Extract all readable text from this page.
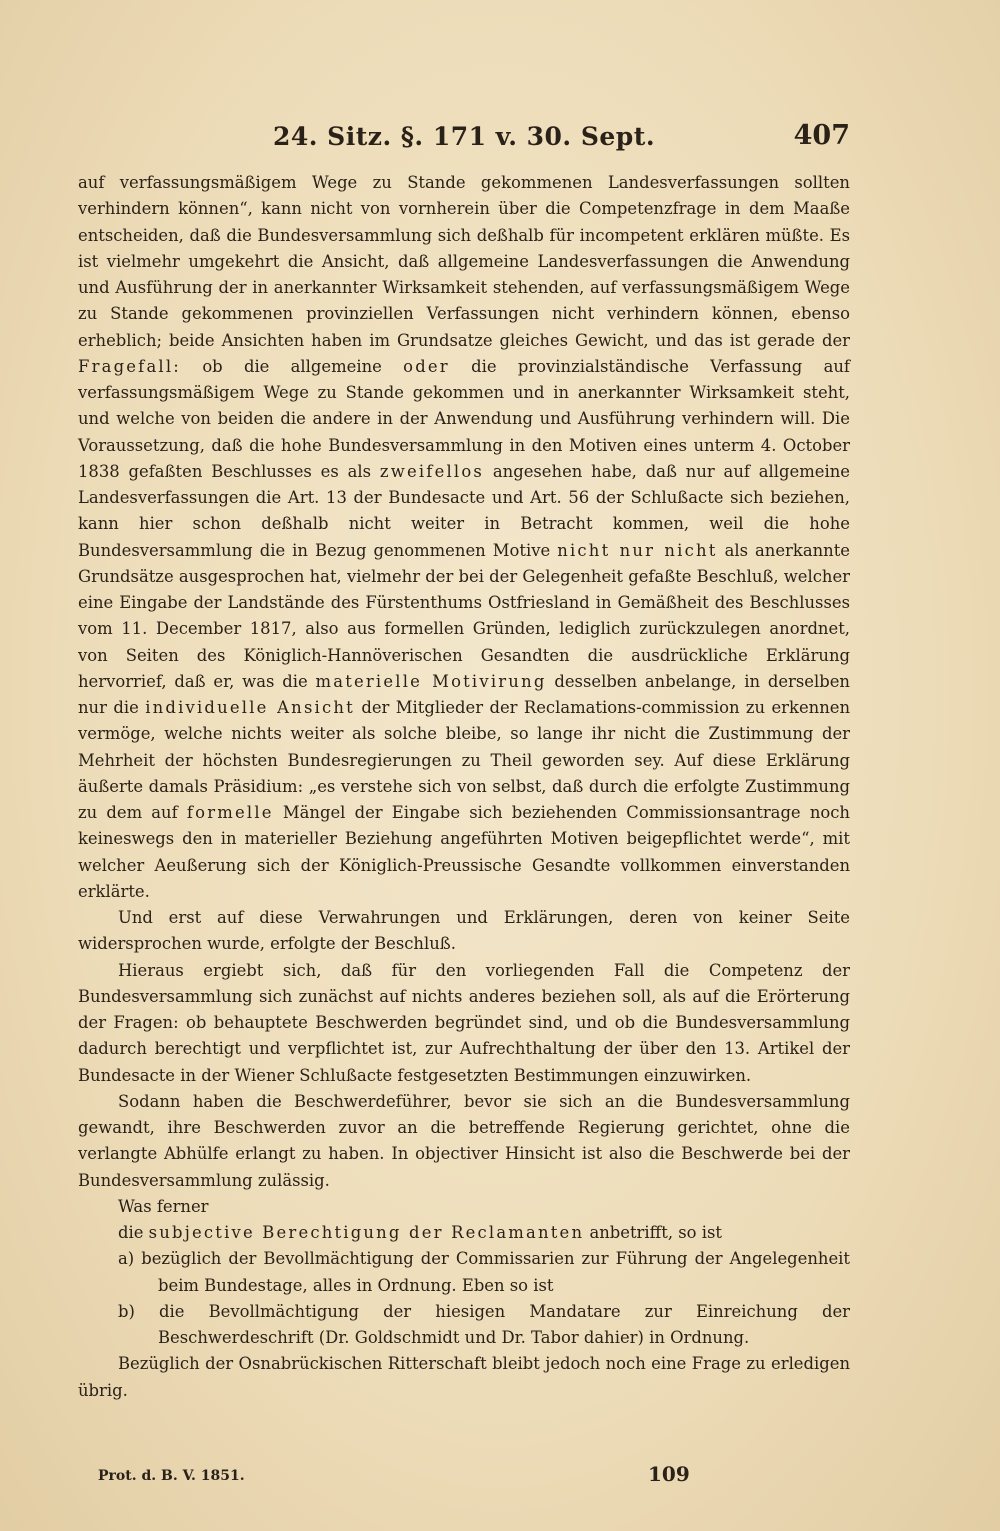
24. Sitz. §. 171 v. 30. Sept.	407

auf verfassungsmäßigem Wege zu Stande gekommenen Landesverfassungen sollten verhindern können“, kann nicht von vornherein über die Competenzfrage in dem Maaße entscheiden, daß die Bundesversammlung sich deßhalb für incompetent erklären müßte. Es ist vielmehr umgekehrt die Ansicht, daß allgemeine Landesverfassungen die Anwendung und Ausführung der in anerkannter Wirksamkeit stehenden, auf verfassungsmäßigem Wege zu Stande gekommenen provinziellen Verfassungen nicht verhindern können, ebenso erheblich; beide Ansichten haben im Grundsatze gleiches Gewicht, und das ist gerade der Fragefall: ob die allgemeine oder die provinzialständische Verfassung auf verfassungsmäßigem Wege zu Stande gekommen und in anerkannter Wirksamkeit steht, und welche von beiden die andere in der Anwendung und Ausführung verhindern will. Die Voraussetzung, daß die hohe Bundesversammlung in den Motiven eines unterm 4. October 1838 gefaßten Beschlusses es als zweifellos angesehen habe, daß nur auf allgemeine Landesverfassungen die Art. 13 der Bundesacte und Art. 56 der Schlußacte sich beziehen, kann hier schon deßhalb nicht weiter in Betracht kommen, weil die hohe Bundesversammlung die in Bezug genommenen Motive nicht nur nicht als anerkannte Grundsätze ausgesprochen hat, vielmehr der bei der Gelegenheit gefaßte Beschluß, welcher eine Eingabe der Landstände des Fürstenthums Ostfriesland in Gemäßheit des Beschlusses vom 11. December 1817, also aus formellen Gründen, lediglich zurückzulegen anordnet, von Seiten des Königlich-Hannöverischen Gesandten die ausdrückliche Erklärung hervorrief, daß er, was die materielle Motivirung desselben anbelange, in derselben nur die individuelle Ansicht der Mitglieder der Reclamations-commission zu erkennen vermöge, welche nichts weiter als solche bleibe, so lange ihr nicht die Zustimmung der Mehrheit der höchsten Bundesregierungen zu Theil geworden sey. Auf diese Erklärung äußerte damals Präsidium: „es verstehe sich von selbst, daß durch die erfolgte Zustimmung zu dem auf formelle Mängel der Eingabe sich beziehenden Commissionsantrage noch keineswegs den in materieller Beziehung angeführten Motiven beigepflichtet werde“, mit welcher Aeußerung sich der Königlich-Preussische Gesandte vollkommen einverstanden erklärte.

Und erst auf diese Verwahrungen und Erklärungen, deren von keiner Seite widersprochen wurde, erfolgte der Beschluß.

Hieraus ergiebt sich, daß für den vorliegenden Fall die Competenz der Bundesversammlung sich zunächst auf nichts anderes beziehen soll, als auf die Erörterung der Fragen: ob behauptete Beschwerden begründet sind, und ob die Bundesversammlung dadurch berechtigt und verpflichtet ist, zur Aufrechthaltung der über den 13. Artikel der Bundesacte in der Wiener Schlußacte festgesetzten Bestimmungen einzuwirken.

Sodann haben die Beschwerdeführer, bevor sie sich an die Bundesversammlung gewandt, ihre Beschwerden zuvor an die betreffende Regierung gerichtet, ohne die verlangte Abhülfe erlangt zu haben. In objectiver Hinsicht ist also die Beschwerde bei der Bundesversammlung zulässig.

Was ferner

die subjective Berechtigung der Reclamanten anbetrifft, so ist

a) bezüglich der Bevollmächtigung der Commissarien zur Führung der Angelegenheit beim Bundestage, alles in Ordnung. Eben so ist

b) die Bevollmächtigung der hiesigen Mandatare zur Einreichung der Beschwerdeschrift (Dr. Goldschmidt und Dr. Tabor dahier) in Ordnung.

Bezüglich der Osnabrückischen Ritterschaft bleibt jedoch noch eine Frage zu erledigen übrig.

Prot. d. B. V. 1851.	109
